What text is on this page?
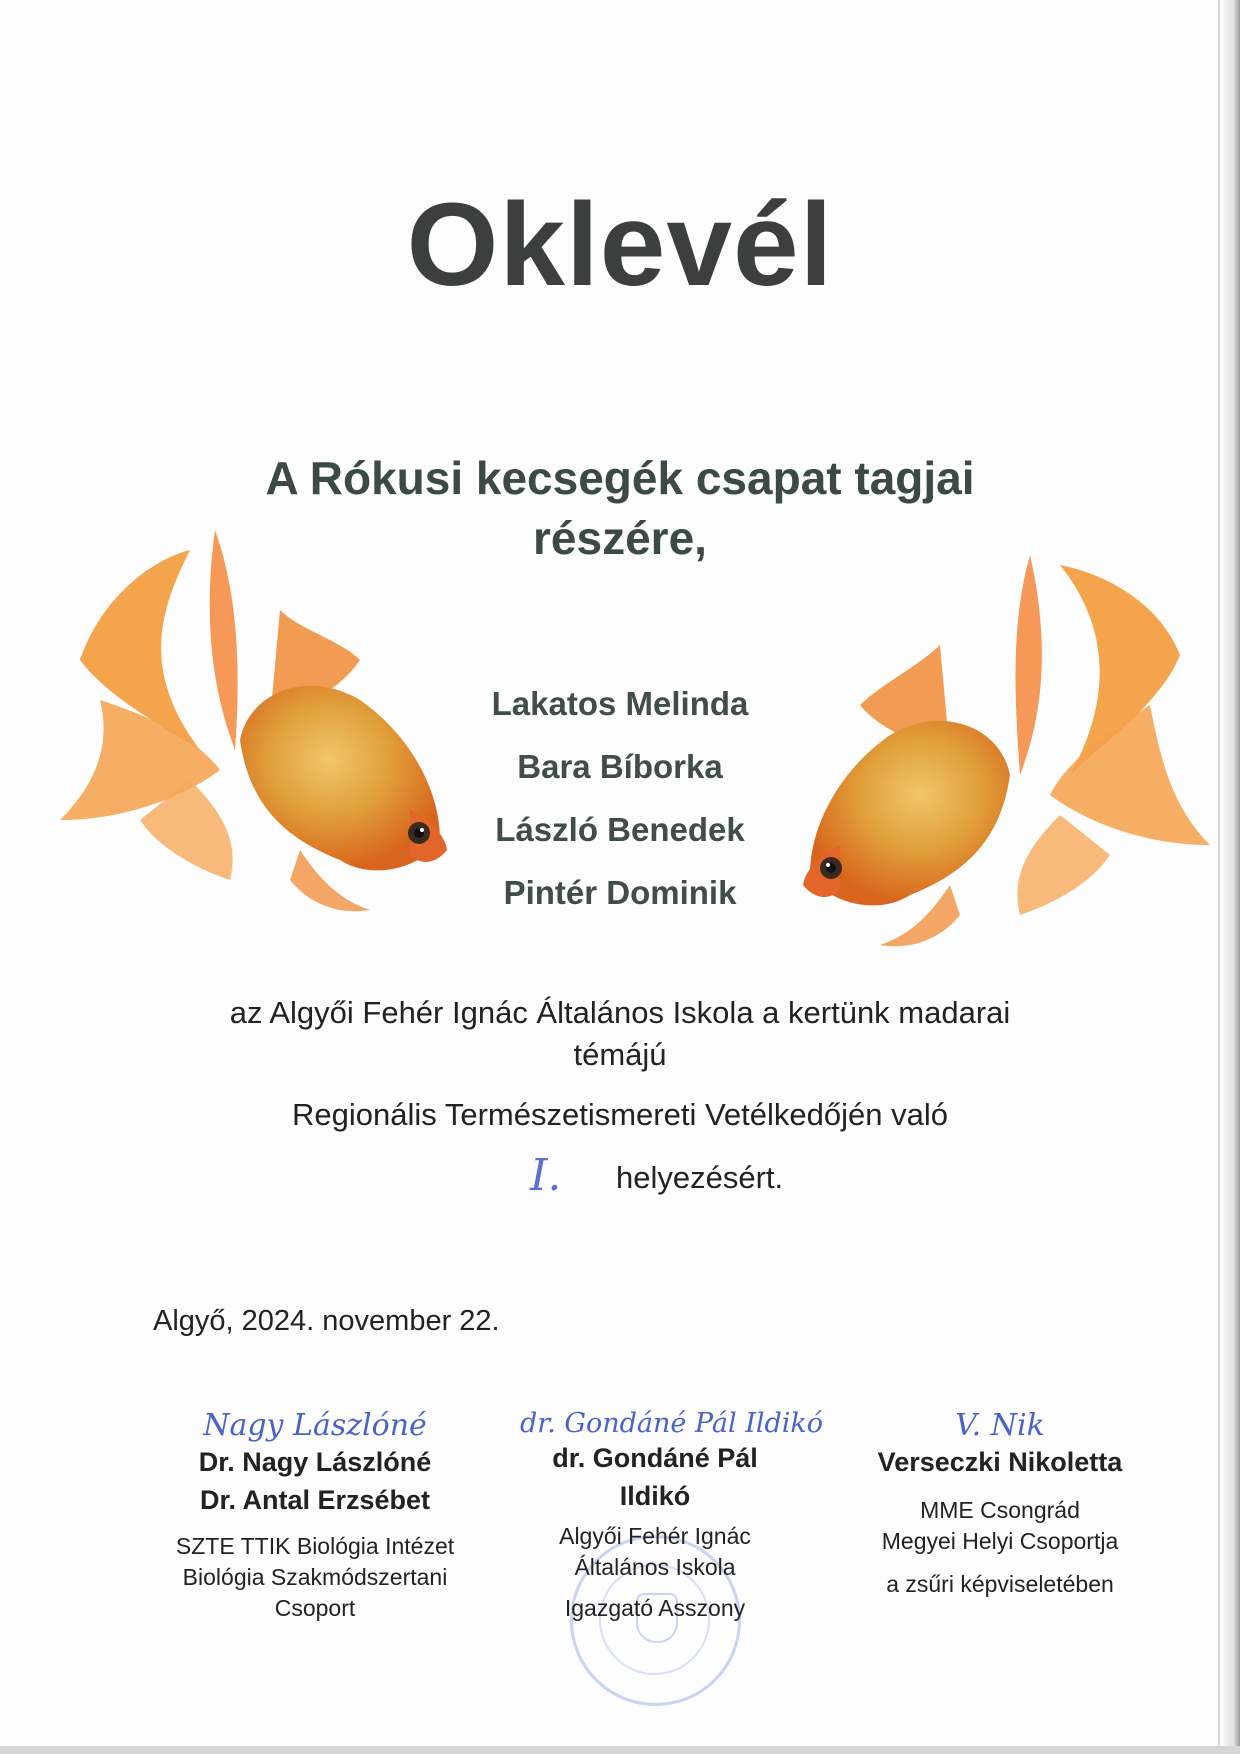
Oklevél
A Rókusi kecsegék csapat tagjai
részére,
Lakatos Melinda
Bara Bíborka
László Benedek
Pintér Dominik
az Algyői Fehér Ignác Általános Iskola a kertünk madarai
témájú
Regionális Természetismereti Vetélkedőjén való
I. helyezésért.
Algyő, 2024. november 22.
Nagy Lászlóné
Dr. Nagy Lászlóné
Dr. Antal Erzsébet
SZTE TTIK Biológia Intézet
Biológia Szakmódszertani
Csoport
dr. Gondáné Pál Ildikó
dr. Gondáné Pál
Ildikó
Algyői Fehér Ignác
Általános Iskola
Igazgató Asszony
V. Nik
Verseczki Nikoletta
MME Csongrád
Megyei Helyi Csoportja
a zsűri képviseletében
